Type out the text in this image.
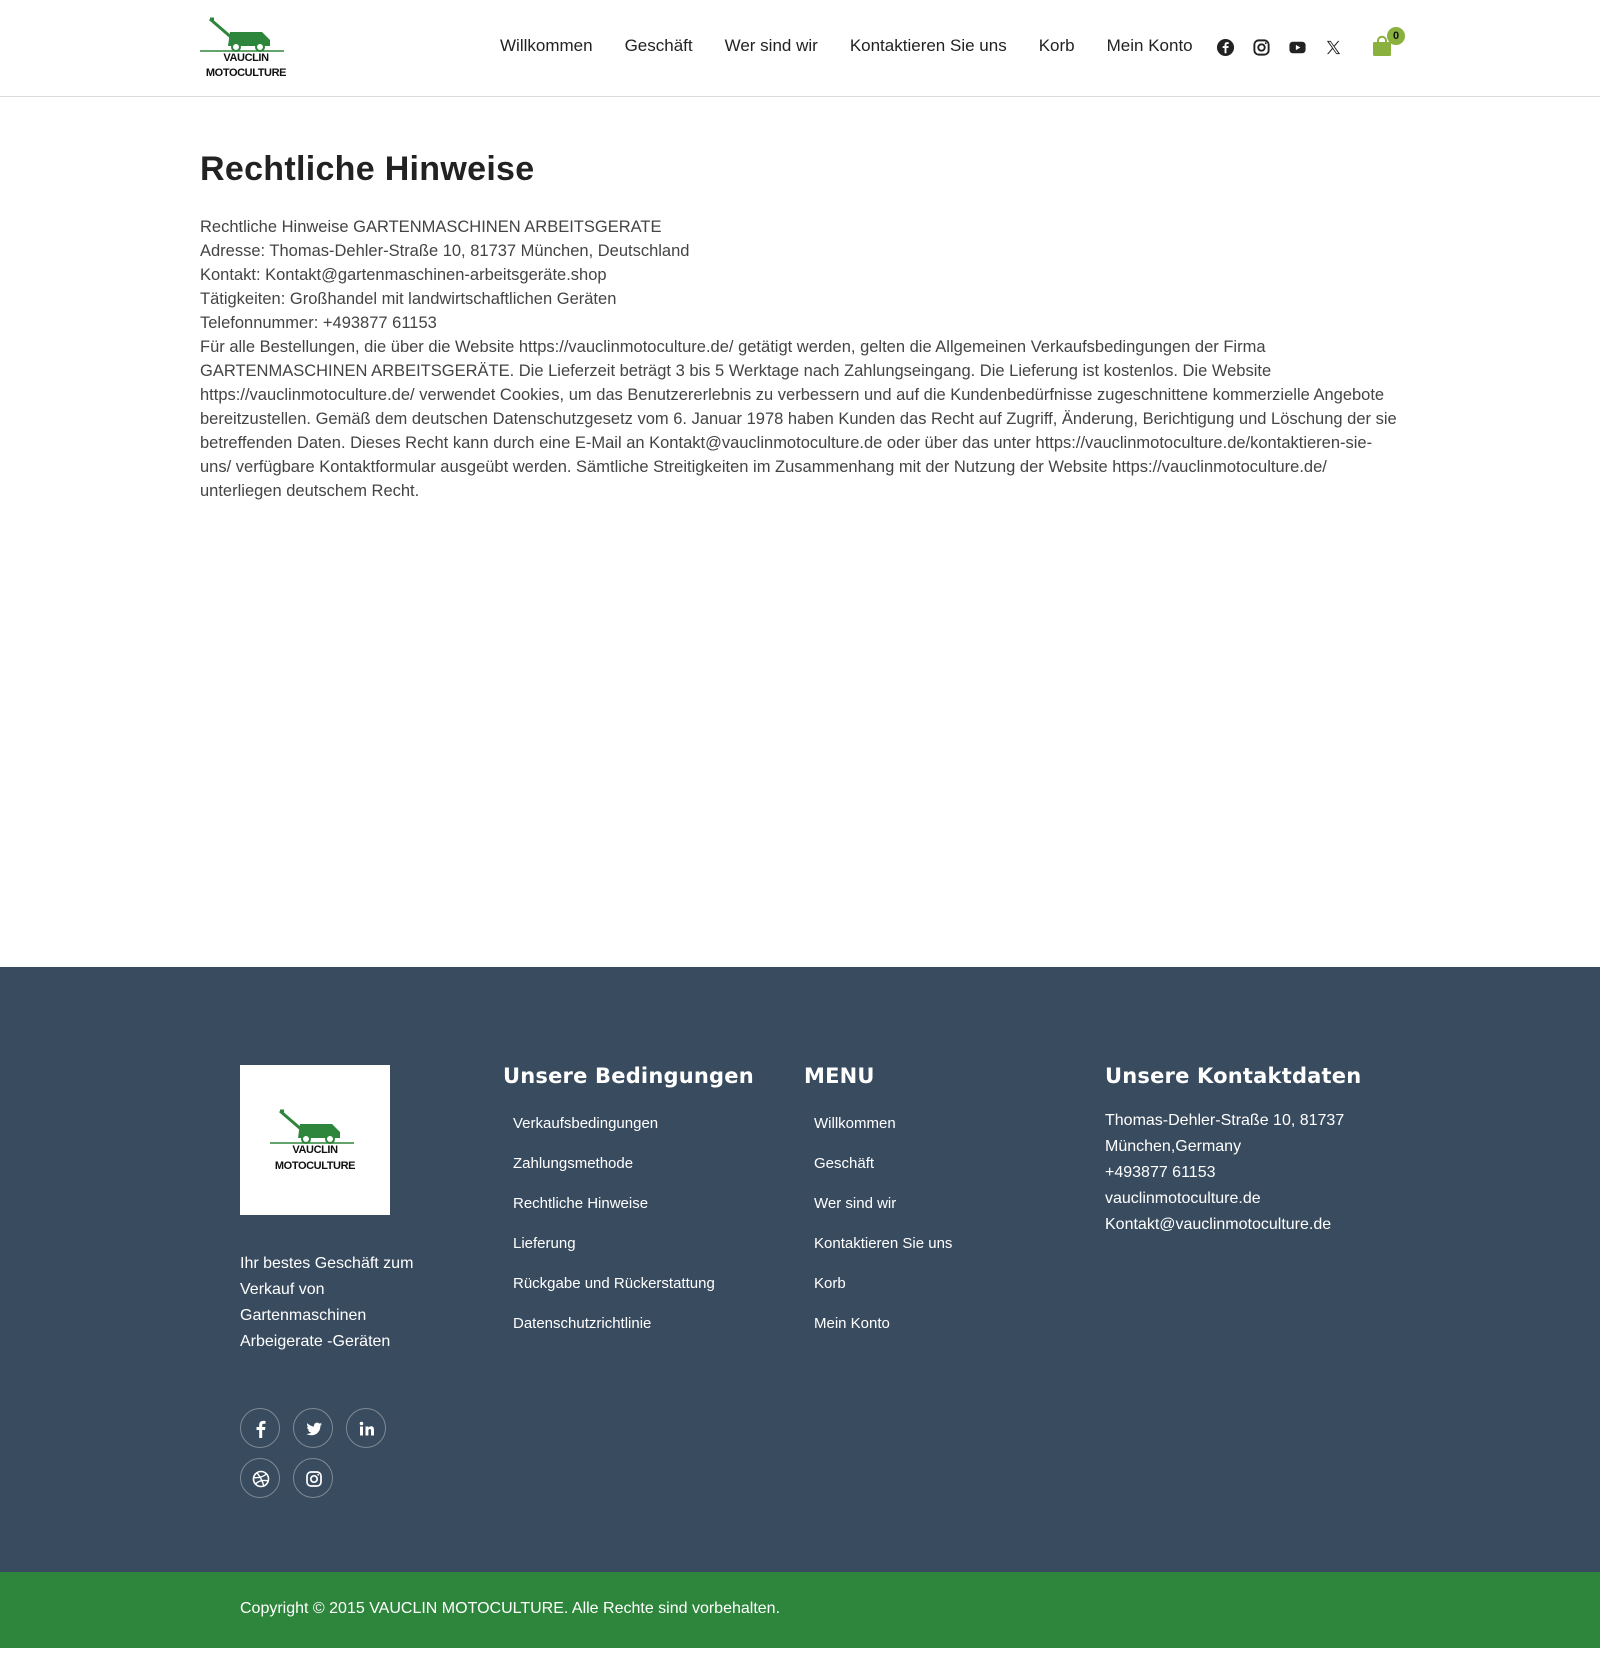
VAUCLIN
MOTOCULTURE
Willkommen Geschäft Wer sind wir Kontaktieren Sie uns Korb Mein Konto	0
Rechtliche Hinweise

Rechtliche Hinweise GARTENMASCHINEN ARBEITSGERATE

Adresse: Thomas-Dehler-Straße 10, 81737 München, Deutschland

Kontakt: Kontakt@gartenmaschinen-arbeitsgeräte.shop

Tätigkeiten: Großhandel mit landwirtschaftlichen Geräten

Telefonnummer: +493877 61153

Für alle Bestellungen, die über die Website https://vauclinmotoculture.de/ getätigt werden, gelten die Allgemeinen Verkaufsbedingungen der Firma GARTENMASCHINEN ARBEITSGERÄTE. Die Lieferzeit beträgt 3 bis 5 Werktage nach Zahlungseingang. Die Lieferung ist kostenlos. Die Website https://vauclinmotoculture.de/ verwendet Cookies, um das Benutzererlebnis zu verbessern und auf die Kundenbedürfnisse zugeschnittene kommerzielle Angebote bereitzustellen. Gemäß dem deutschen Datenschutzgesetz vom 6. Januar 1978 haben Kunden das Recht auf Zugriff, Änderung, Berichtigung und Löschung der sie betreffenden Daten. Dieses Recht kann durch eine E-Mail an Kontakt@vauclinmotoculture.de oder über das unter https://vauclinmotoculture.de/kontaktieren-sie-uns/ verfügbare Kontaktformular ausgeübt werden. Sämtliche Streitigkeiten im Zusammenhang mit der Nutzung der Website https://vauclinmotoculture.de/ unterliegen deutschem Recht.

VAUCLIN
MOTOCULTURE
Ihr bestes Geschäft zum Verkauf von Gartenmaschinen Arbeigerate -Geräten
Unsere Bedingungen
Verkaufsbedingungen
Zahlungsmethode
Rechtliche Hinweise
Lieferung
Rückgabe und Rückerstattung
Datenschutzrichtlinie
MENU
Willkommen
Geschäft
Wer sind wir
Kontaktieren Sie uns
Korb
Mein Konto
Unsere Kontaktdaten
Thomas-Dehler-Straße 10, 81737
München,Germany
+493877 61153
vauclinmotoculture.de
Kontakt@vauclinmotoculture.de
Copyright © 2015 VAUCLIN MOTOCULTURE. Alle Rechte sind vorbehalten.
